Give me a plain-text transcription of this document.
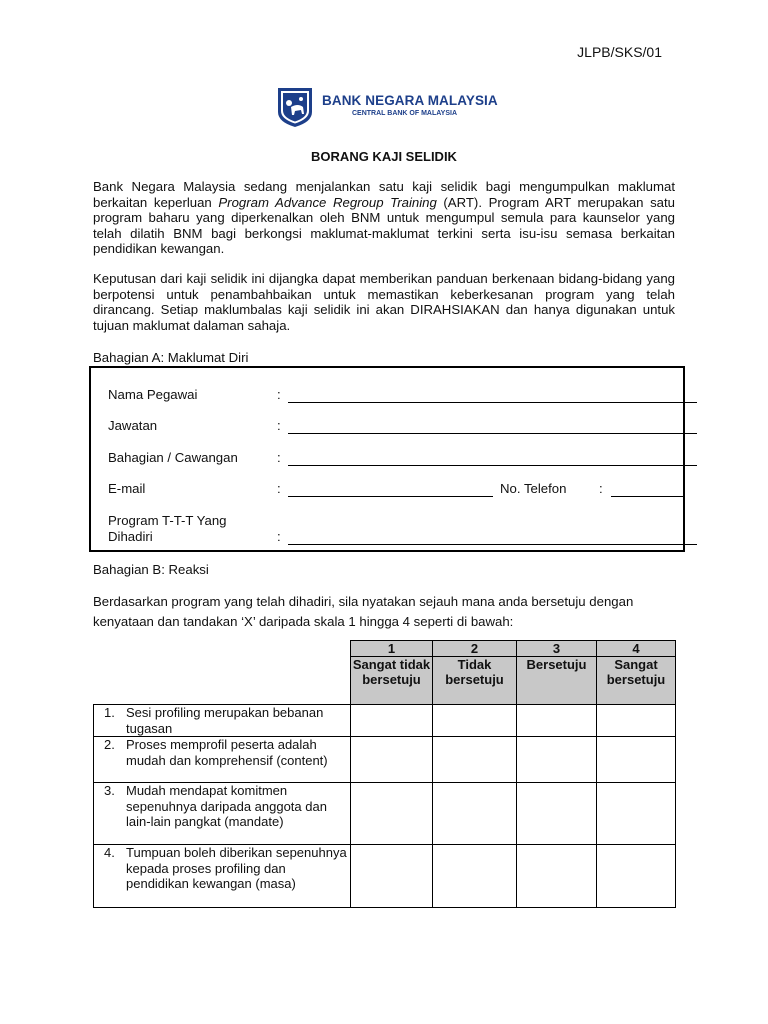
JLPB/SKS/01
BANK NEGARA MALAYSIA
CENTRAL BANK OF MALAYSIA
BORANG KAJI SELIDIK

Bank Negara Malaysia sedang menjalankan satu kaji selidik bagi mengumpulkan maklumat berkaitan keperluan Program Advance Regroup Training (ART). Program ART merupakan satu program baharu yang diperkenalkan oleh BNM untuk mengumpul semula para kaunselor yang telah dilatih BNM bagi berkongsi maklumat-maklumat terkini serta isu-isu semasa berkaitan pendidikan kewangan.

Keputusan dari kaji selidik ini dijangka dapat memberikan panduan berkenaan bidang-bidang yang berpotensi untuk penambahbaikan untuk memastikan keberkesanan program yang telah dirancang. Setiap maklumbalas kaji selidik ini akan DIRAHSIAKAN dan hanya digunakan untuk tujuan maklumat dalaman sahaja.

Bahagian A: Maklumat Diri
Nama Pegawai	:
Jawatan	:
Bahagian / Cawangan	:
E-mail	:	No. Telefon :
Program T-T-T Yang
Dihadiri	:
Bahagian B: Reaksi

Berdasarkan program yang telah dihadiri, sila nyatakan sejauh mana anda bersetuju dengan kenyataan dan tandakan ‘X’ daripada skala 1 hingga 4 seperti di bawah:

	1	2	3	4
	Sangat tidak bersetuju	Tidak bersetuju	Bersetuju	Sangat bersetuju

1. Sesi profiling merupakan bebanan tugasan				

2. Proses memprofil peserta adalah mudah dan komprehensif (content)				

3. Mudah mendapat komitmen sepenuhnya daripada anggota dan lain-lain pangkat (mandate)				

4. Tumpuan boleh diberikan sepenuhnya kepada proses profiling dan pendidikan kewangan (masa)				
